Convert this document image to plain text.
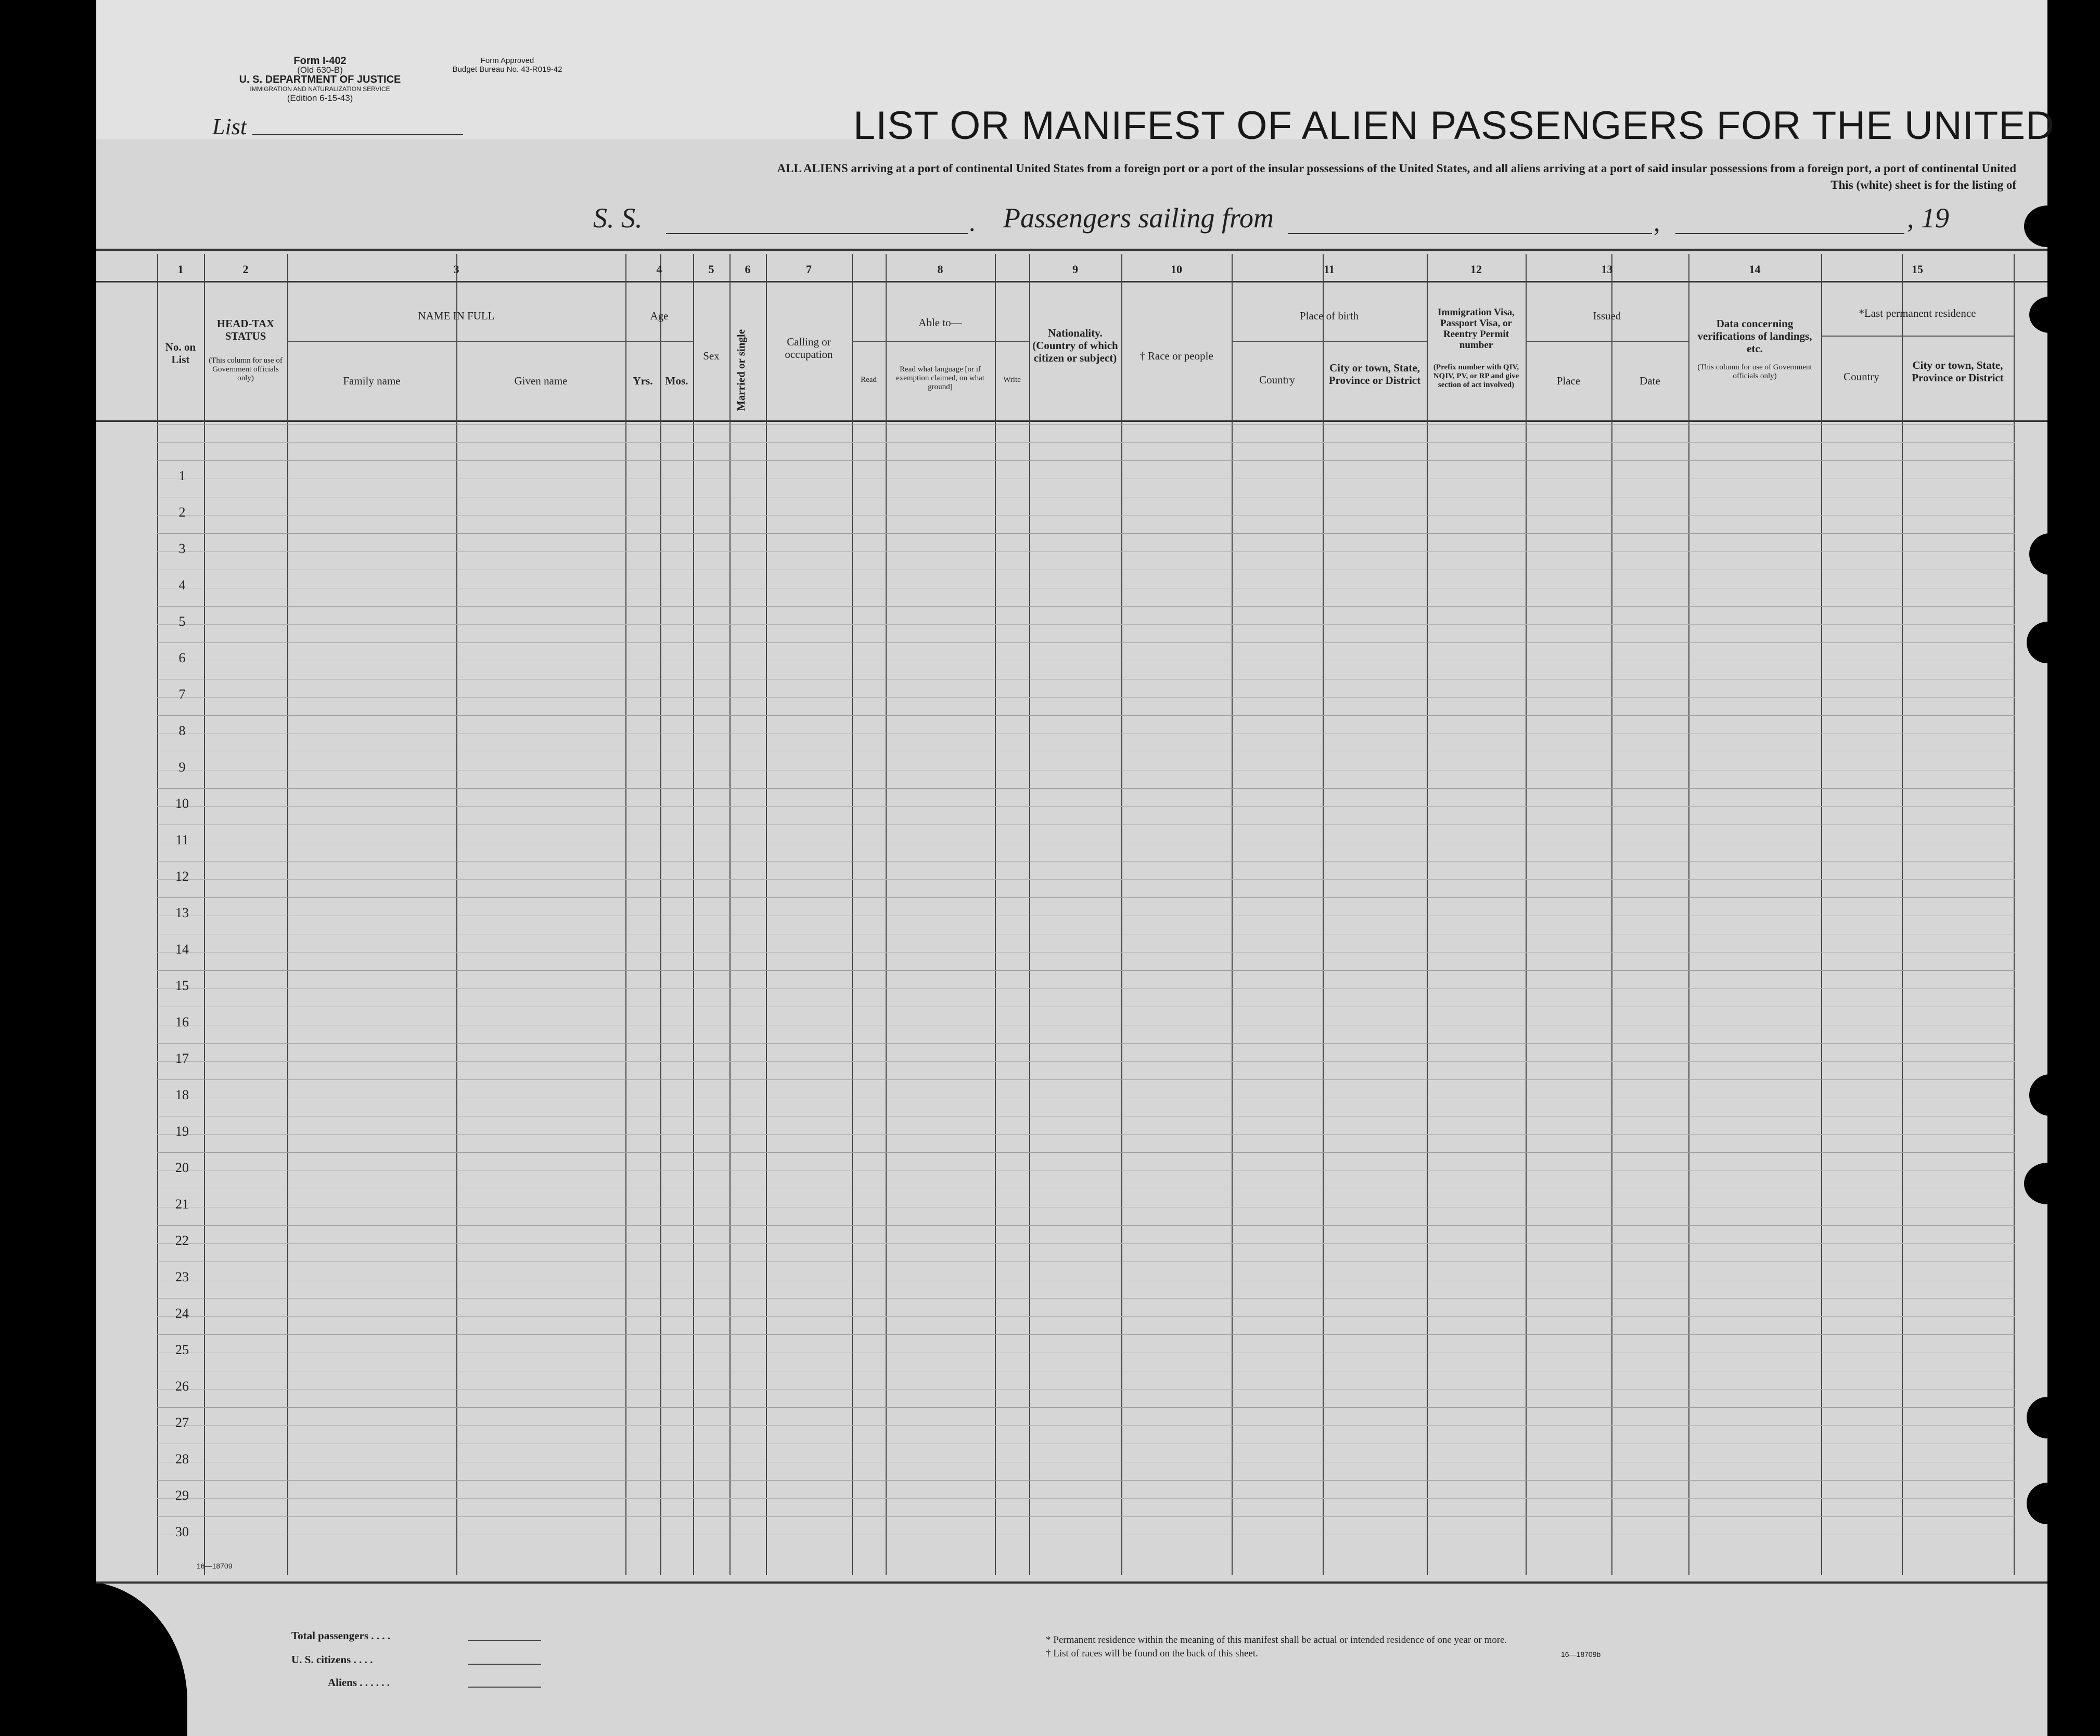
Form I-402
(Old 630-B)
U. S. DEPARTMENT OF JUSTICE
IMMIGRATION AND NATURALIZATION SERVICE
(Edition 6-15-43)
Form Approved
Budget Bureau No. 43-R019-42
List	LIST OR MANIFEST OF ALIEN PASSENGERS FOR THE UNITED
ALL ALIENS arriving at a port of continental United States from a foreign port or a port of the insular possessions of the United States, and all aliens arriving at a port of said insular possessions from a foreign port, a port of continental United
This (white) sheet is for the listing of
S. S.	. Passengers sailing from	,	, 19
1	2	3	4	5	6	7	8	9	10	11	12	13	14	15
No. on List
HEAD-TAX STATUS
(This column for use of Government officials only)
NAME IN FULL
Family name	Given name
Age
Yrs.	Mos.
Sex	Married or single	Calling or occupation
Able to—
Read
Read what language [or if exemption claimed, on what ground]
Write
Nationality. (Country of which citizen or subject)	† Race or people
Place of birth
Country
City or town, State, Province or District
Immigration Visa, Passport Visa, or Reentry Permit number
(Prefix number with QIV, NQIV, PV, or RP and give section of act involved)
Issued
Place	Date
Data concerning verifications of landings, etc.
(This column for use of Government officials only)
*Last permanent residence
Country
City or town, State, Province or District
1
2
3
4
5
6
7
8
9
10
11
12
13
14
15
16
17
18
19
20
21
22
23
24
25
26
27
28
29
30
16—18709
Total passengers . . . .
U. S. citizens . . . .
Aliens . . . . . .
* Permanent residence within the meaning of this manifest shall be actual or intended residence of one year or more.
† List of races will be found on the back of this sheet.	16—18709b
